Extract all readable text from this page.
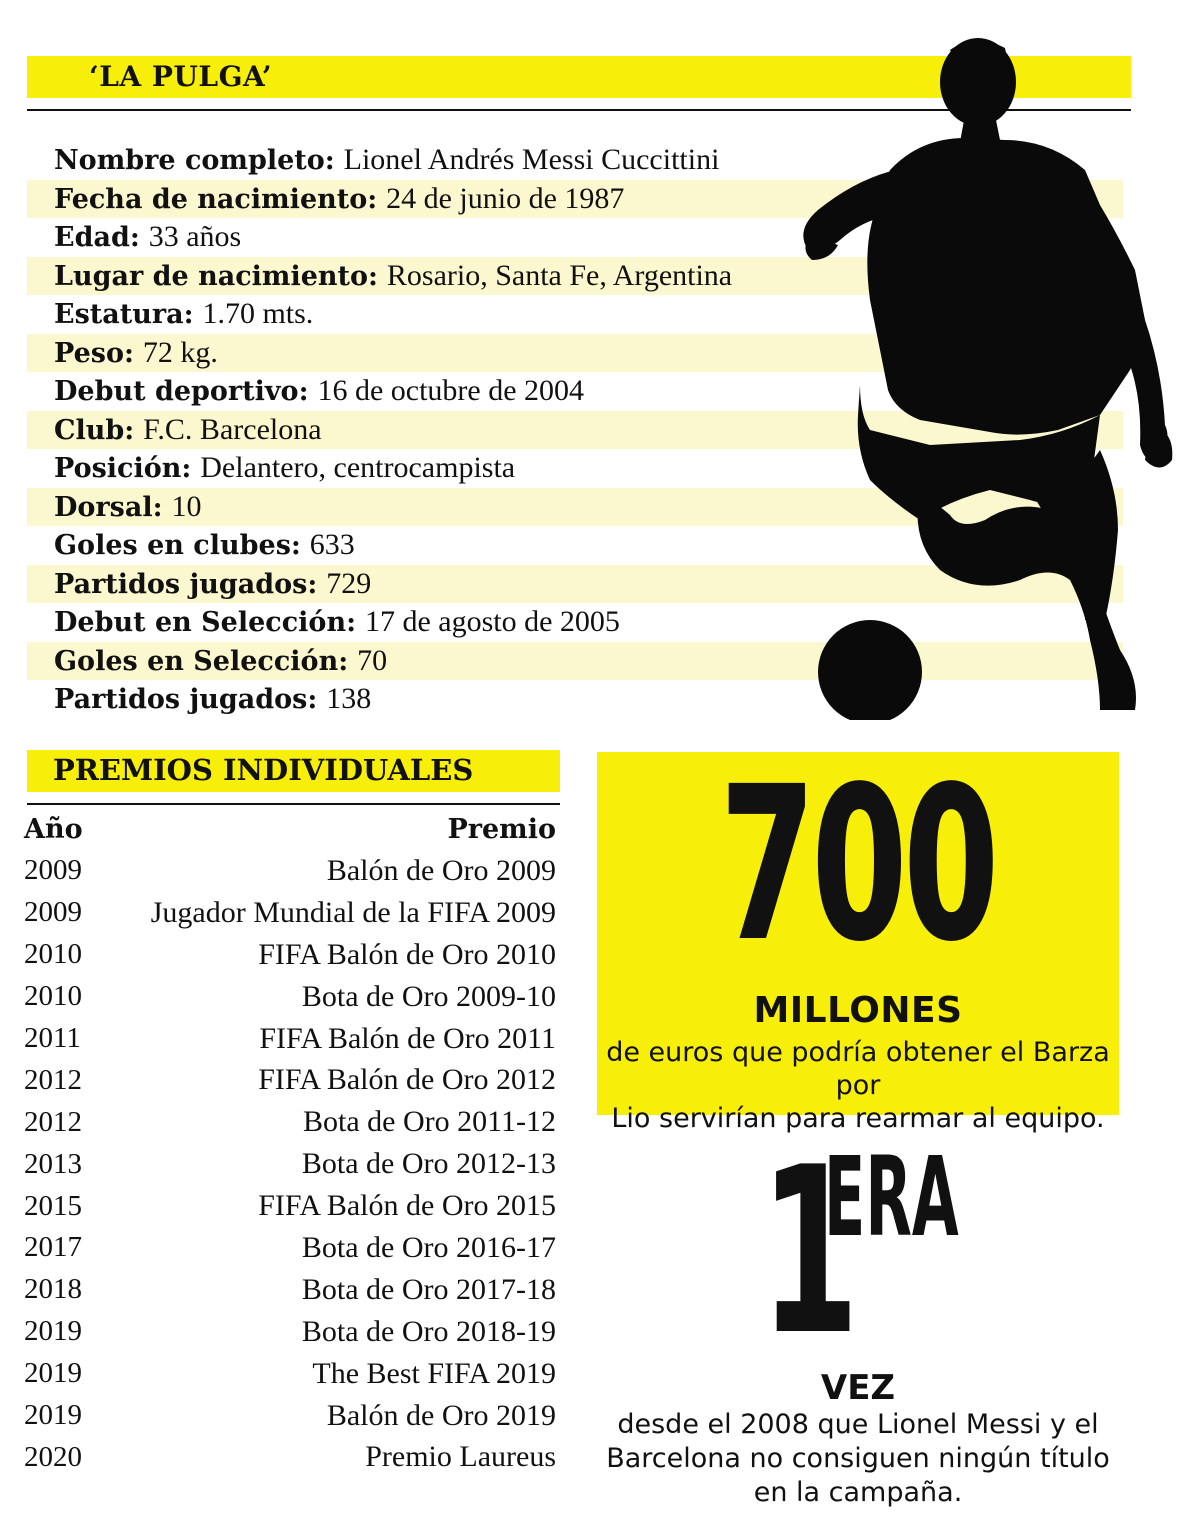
‘LA PULGA’
Nombre completo: Lionel Andrés Messi Cuccittini
Fecha de nacimiento: 24 de junio de 1987
Edad: 33 años
Lugar de nacimiento: Rosario, Santa Fe, Argentina
Estatura: 1.70 mts.
Peso: 72 kg.
Debut deportivo: 16 de octubre de 2004
Club: F.C. Barcelona
Posición: Delantero, centrocampista
Dorsal: 10
Goles en clubes: 633
Partidos jugados: 729
Debut en Selección: 17 de agosto de 2005
Goles en Selección: 70
Partidos jugados: 138
PREMIOS INDIVIDUALES
Año	Premio
2009	Balón de Oro 2009
2009 Jugador Mundial de la FIFA 2009
2010	FIFA Balón de Oro 2010
2010	Bota de Oro 2009-10
2011	FIFA Balón de Oro 2011
2012	FIFA Balón de Oro 2012
2012	Bota de Oro 2011-12
2013	Bota de Oro 2012-13
2015	FIFA Balón de Oro 2015
2017	Bota de Oro 2016-17
2018	Bota de Oro 2017-18
2019	Bota de Oro 2018-19
2019	The Best FIFA 2019
2019	Balón de Oro 2019
2020	Premio Laureus
700
MILLONES
de euros que podría obtener el Barza por
Lio servirían para rearmar al equipo.
1
ERA
VEZ
desde el 2008 que Lionel Messi y el
Barcelona no consiguen ningún título
en la campaña.
